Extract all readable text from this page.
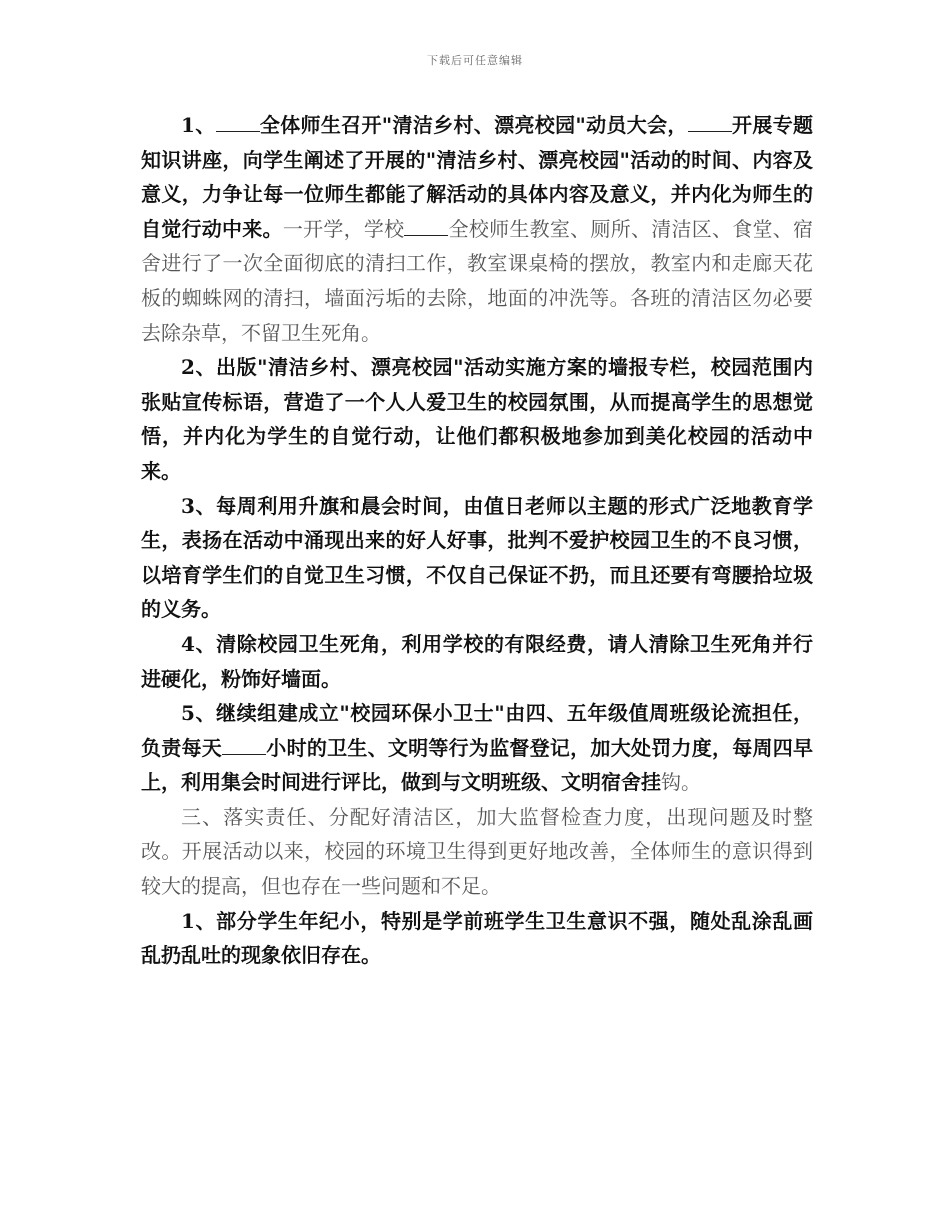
下载后可任意编辑

1、 全体师生召开"清洁乡村、漂亮校园"动员大会， 开展专题知识讲座，向学生阐述了开展的"清洁乡村、漂亮校园"活动的时间、内容及意义，力争让每一位师生都能了解活动的具体内容及意义，并内化为师生的自觉行动中来。一开学，学校 全校师生教室、厕所、清洁区、食堂、宿舍进行了一次全面彻底的清扫工作，教室课桌椅的摆放，教室内和走廊天花板的蜘蛛网的清扫，墙面污垢的去除，地面的冲洗等。各班的清洁区勿必要去除杂草，不留卫生死角。

2、出版"清洁乡村、漂亮校园"活动实施方案的墙报专栏，校园范围内张贴宣传标语，营造了一个人人爱卫生的校园氛围，从而提高学生的思想觉悟，并内化为学生的自觉行动，让他们都积极地参加到美化校园的活动中来。

3、每周利用升旗和晨会时间，由值日老师以主题的形式广泛地教育学生，表扬在活动中涌现出来的好人好事，批判不爱护校园卫生的不良习惯，以培育学生们的自觉卫生习惯，不仅自己保证不扔，而且还要有弯腰拾垃圾的义务。

4、清除校园卫生死角，利用学校的有限经费，请人清除卫生死角并行进硬化，粉饰好墙面。

5、继续组建成立"校园环保小卫士"由四、五年级值周班级论流担任，负责每天 小时的卫生、文明等行为监督登记，加大处罚力度，每周四早上，利用集会时间进行评比，做到与文明班级、文明宿舍挂钩。

三、落实责任、分配好清洁区，加大监督检查力度，出现问题及时整改。开展活动以来，校园的环境卫生得到更好地改善，全体师生的意识得到较大的提高，但也存在一些问题和不足。

1、部分学生年纪小，特别是学前班学生卫生意识不强，随处乱涂乱画乱扔乱吐的现象依旧存在。
